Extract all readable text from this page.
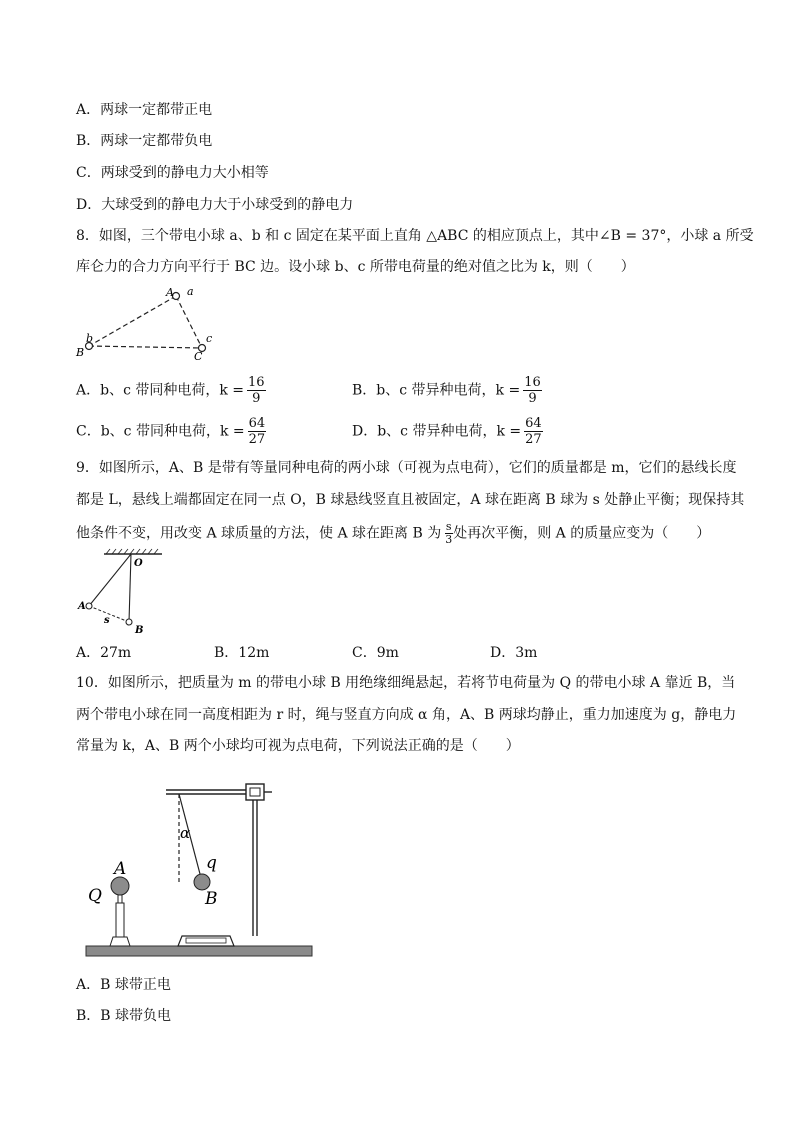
A．两球一定都带正电
B．两球一定都带负电
C．两球受到的静电力大小相等
D．大球受到的静电力大于小球受到的静电力
8．如图，三个带电小球 a、b 和 c 固定在某平面上直角 △ABC 的相应顶点上，其中∠B = 37°，小球 a 所受
库仑力的合力方向平行于 BC 边。设小球 b、c 所带电荷量的绝对值之比为 k，则（　　）
A a
b
B
c
C
A．b、c 带同种电荷，$k = \frac{16}{9}$	B．b、c 带异种电荷，$k = \frac{16}{9}$
C．b、c 带同种电荷，$k = \frac{64}{27}$	D．b、c 带异种电荷，$k = \frac{64}{27}$
9．如图所示，A、B 是带有等量同种电荷的两小球（可视为点电荷），它们的质量都是 m，它们的悬线长度
都是 L，悬线上端都固定在同一点 O，B 球悬线竖直且被固定，A 球在距离 B 球为 s 处静止平衡；现保持其
他条件不变，用改变 A 球质量的方法，使 A 球在距离 B 为 $\frac{s}{3}$ 处再次平衡，则 A 的质量应变为（　　）
O
A
s
B
A．27m	B．12m	C．9m	D．3m
10．如图所示，把质量为 m 的带电小球 B 用绝缘细绳悬起，若将节电荷量为 Q 的带电小球 A 靠近 B，当
两个带电小球在同一高度相距为 r 时，绳与竖直方向成 α 角，A、B 两球均静止，重力加速度为 g，静电力
常量为 k，A、B 两个小球均可视为点电荷，下列说法正确的是（　　）
A
Q
α
q
B
A．B 球带正电
B．B 球带负电
